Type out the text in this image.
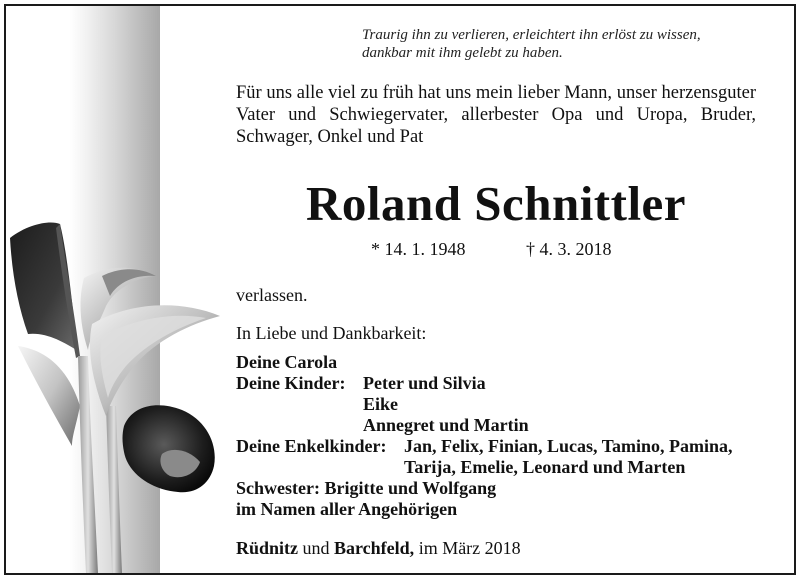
Traurig ihn zu verlieren, erleichtert ihn erlöst zu wissen,
dankbar mit ihm gelebt zu haben.
Für uns alle viel zu früh hat uns mein lieber Mann, unser herzensguter Vater und Schwiegervater, allerbester Opa und Uropa, Bruder, Schwager, Onkel und Pat
Roland Schnittler
* 14. 1. 1948	† 4. 3. 2018
verlassen.
In Liebe und Dankbarkeit:
Deine Carola
Deine Kinder: Peter und Silvia
Eike
Annegret und Martin
Deine Enkelkinder: Jan, Felix, Finian, Lucas, Tamino, Pamina,
Tarija, Emelie, Leonard und Marten
Schwester: Brigitte und Wolfgang
im Namen aller Angehörigen
Rüdnitz und Barchfeld, im März 2018
